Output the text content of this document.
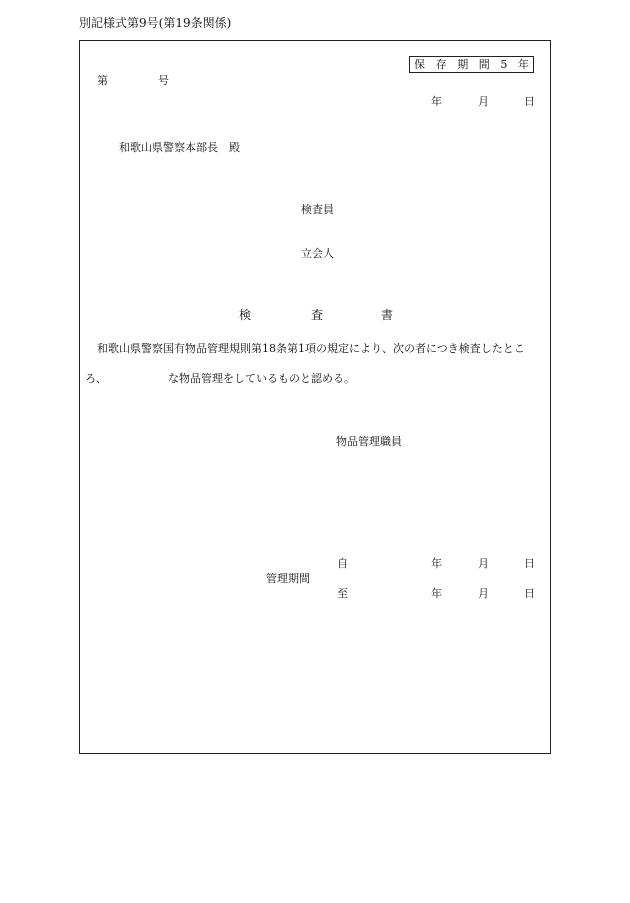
別記様式第9号(第19条関係)
保 存 期 間 5 年
第	号
年	月	日
和歌山県警察本部長　殿
検査員
立会人
検	査	書
和歌山県警察国有物品管理規則第18条第1項の規定により、次の者につき検査したとこ
ろ、	な物品管理をしているものと認める。
物品管理職員
管理期間
自	年	月	日
至	年	月	日
